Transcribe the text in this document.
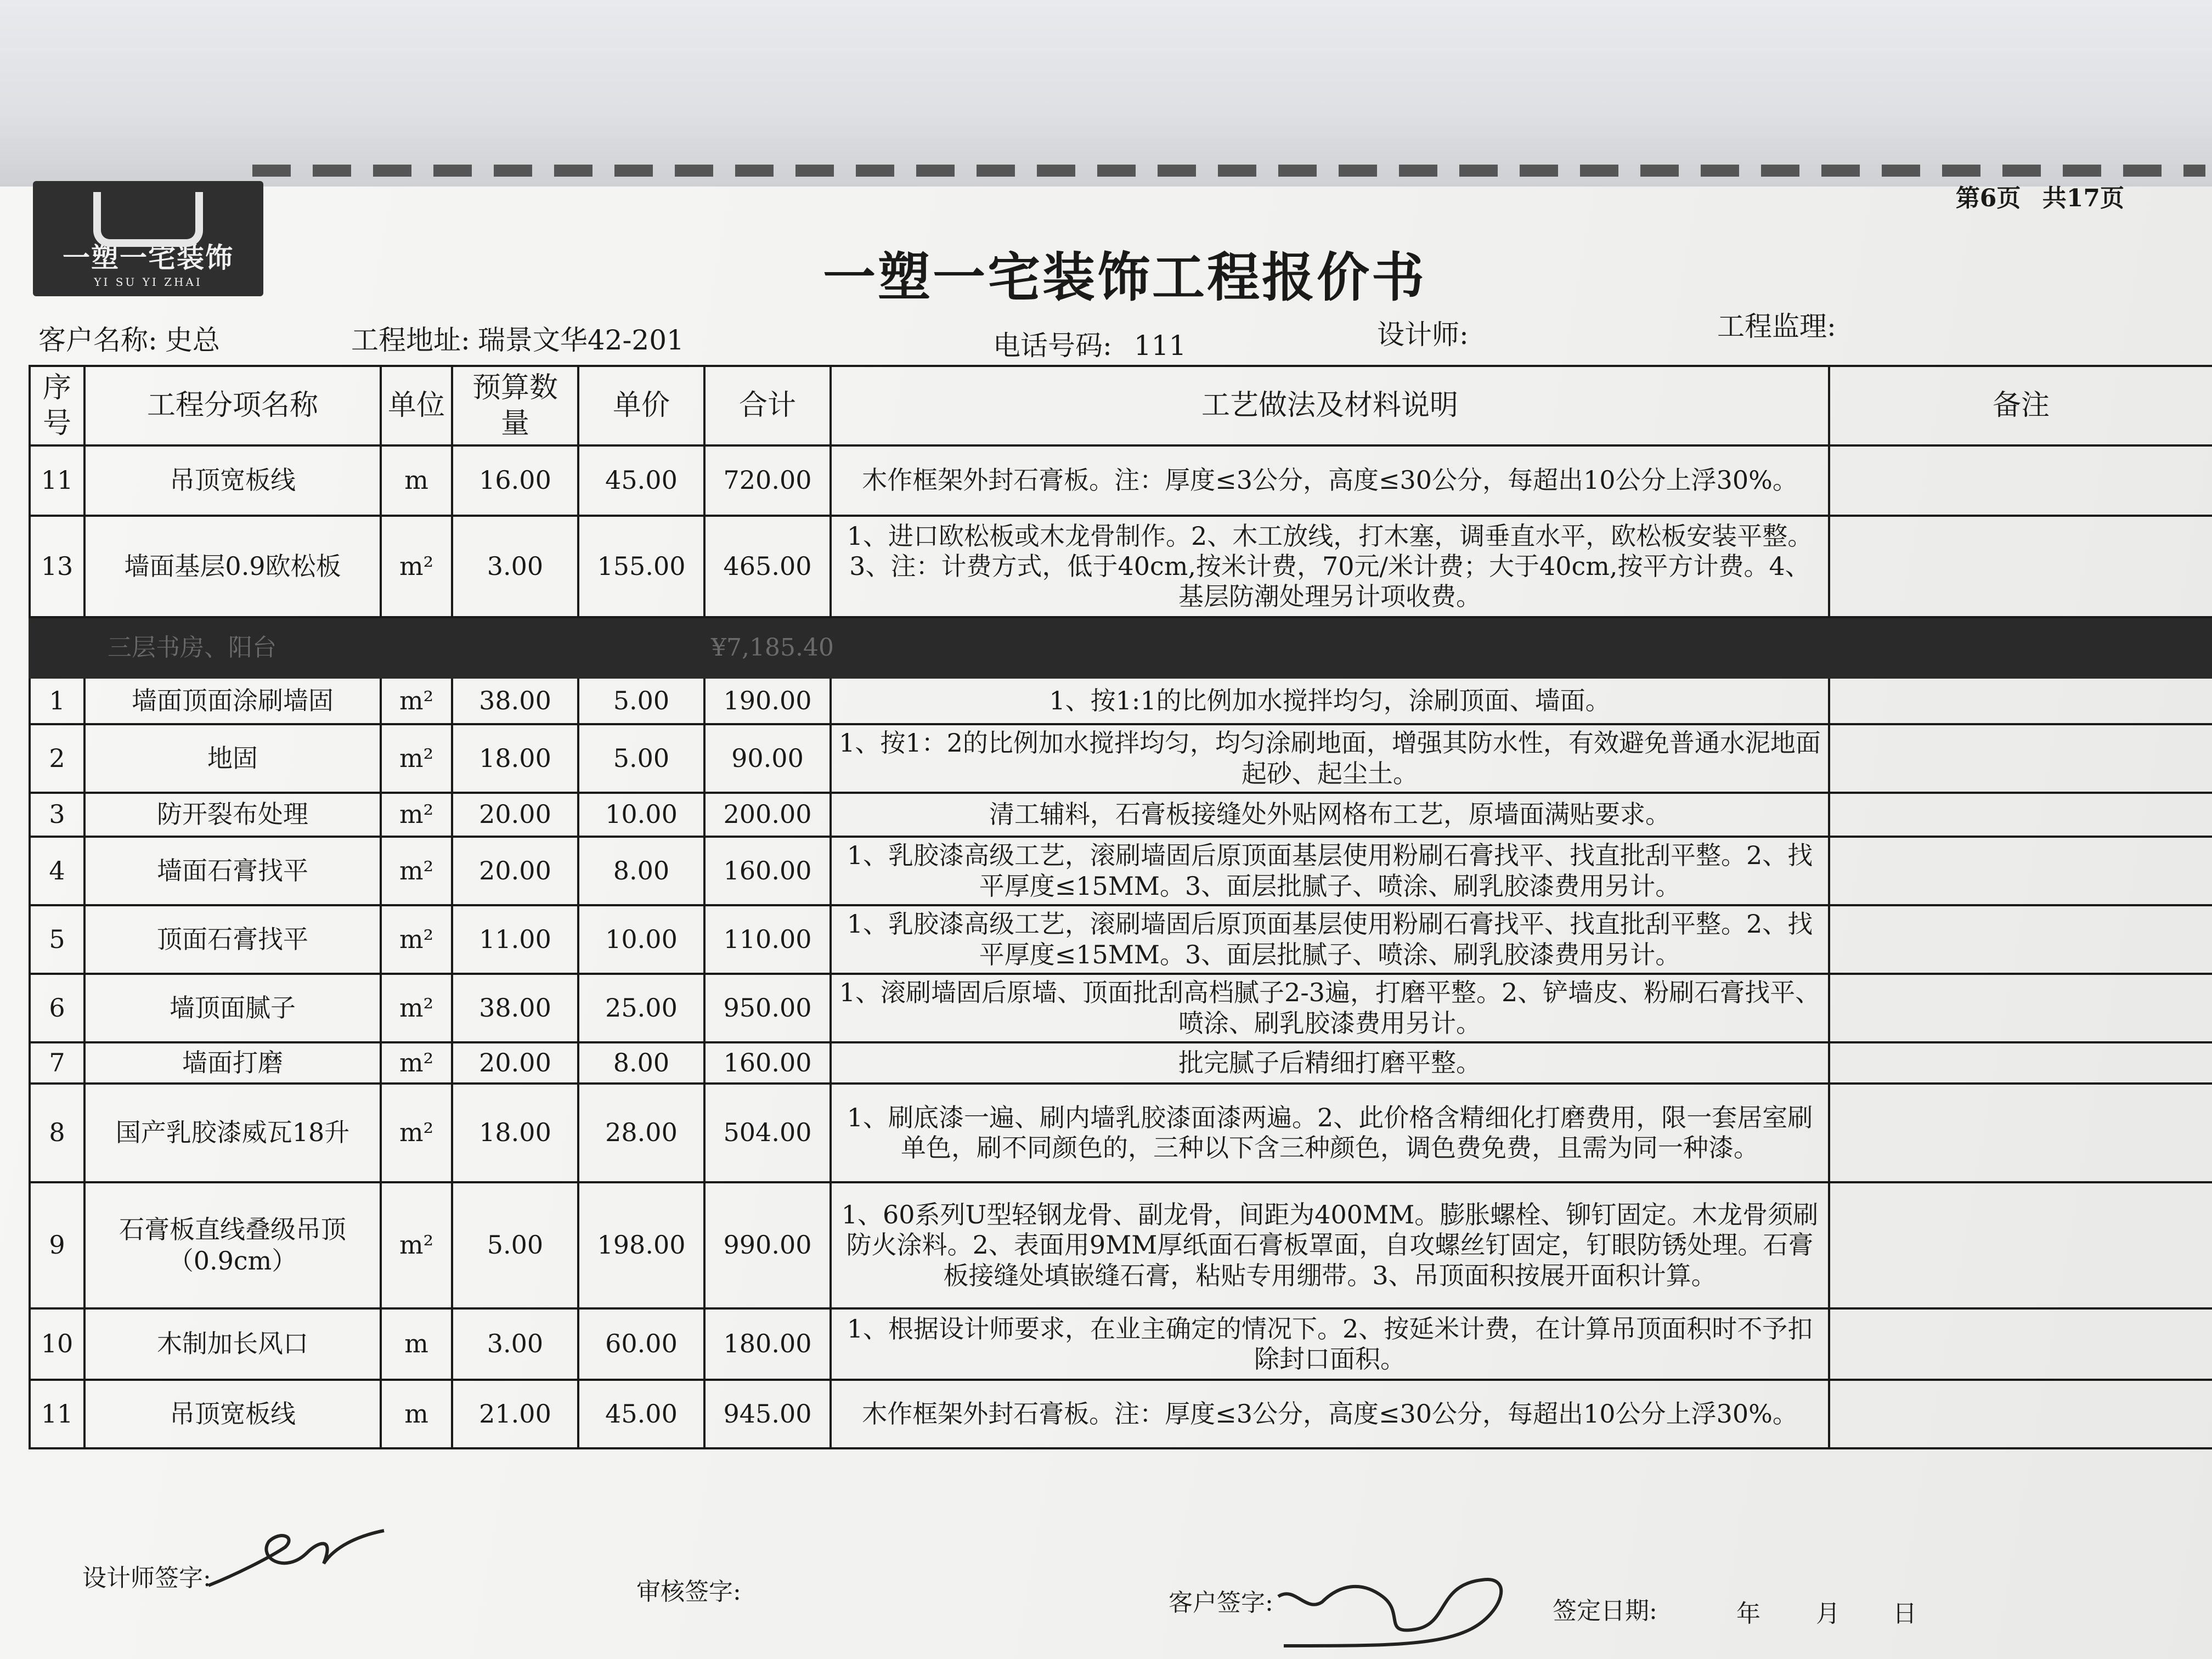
一塑一宅装饰
YI SU YI ZHAI
第6页 共17页
一塑一宅装饰工程报价书
客户名称: 史总	工程地址: 瑞景文华42-201	电话号码: 111	设计师:	工程监理:
序号	工程分项名称	单位	预算数量	单价	合计	工艺做法及材料说明	备注
11	吊顶宽板线	m	16.00	45.00	720.00	木作框架外封石膏板。注：厚度≤3公分，高度≤30公分，每超出10公分上浮30%。	
13	墙面基层0.9欧松板	m²	3.00	155.00	465.00	1、进口欧松板或木龙骨制作。2、木工放线，打木塞，调垂直水平，欧松板安装平整。3、注：计费方式，低于40cm,按米计费，70元/米计费；大于40cm,按平方计费。4、基层防潮处理另计项收费。	
三层书房、阳台					¥7,185.40		
1	墙面顶面涂刷墙固	m²	38.00	5.00	190.00	1、按1:1的比例加水搅拌均匀，涂刷顶面、墙面。	
2	地固	m²	18.00	5.00	90.00	1、按1：2的比例加水搅拌均匀，均匀涂刷地面，增强其防水性，有效避免普通水泥地面起砂、起尘土。	
3	防开裂布处理	m²	20.00	10.00	200.00	清工辅料，石膏板接缝处外贴网格布工艺，原墙面满贴要求。	
4	墙面石膏找平	m²	20.00	8.00	160.00	1、乳胶漆高级工艺，滚刷墙固后原顶面基层使用粉刷石膏找平、找直批刮平整。2、找平厚度≤15MM。3、面层批腻子、喷涂、刷乳胶漆费用另计。	
5	顶面石膏找平	m²	11.00	10.00	110.00	1、乳胶漆高级工艺，滚刷墙固后原顶面基层使用粉刷石膏找平、找直批刮平整。2、找平厚度≤15MM。3、面层批腻子、喷涂、刷乳胶漆费用另计。	
6	墙顶面腻子	m²	38.00	25.00	950.00	1、滚刷墙固后原墙、顶面批刮高档腻子2-3遍，打磨平整。2、铲墙皮、粉刷石膏找平、喷涂、刷乳胶漆费用另计。	
7	墙面打磨	m²	20.00	8.00	160.00	批完腻子后精细打磨平整。	
8	国产乳胶漆威瓦18升	m²	18.00	28.00	504.00	1、刷底漆一遍、刷内墙乳胶漆面漆两遍。2、此价格含精细化打磨费用，限一套居室刷单色，刷不同颜色的，三种以下含三种颜色，调色费免费，且需为同一种漆。	
9	石膏板直线叠级吊顶（0.9cm）	m²	5.00	198.00	990.00	1、60系列U型轻钢龙骨、副龙骨，间距为400MM。膨胀螺栓、铆钉固定。木龙骨须刷防火涂料。2、表面用9MM厚纸面石膏板罩面，自攻螺丝钉固定，钉眼防锈处理。石膏板接缝处填嵌缝石膏，粘贴专用绷带。3、吊顶面积按展开面积计算。	
10	木制加长风口	m	3.00	60.00	180.00	1、根据设计师要求，在业主确定的情况下。2、按延米计费，在计算吊顶面积时不予扣除封口面积。	
11	吊顶宽板线	m	21.00	45.00	945.00	木作框架外封石膏板。注：厚度≤3公分，高度≤30公分，每超出10公分上浮30%。	
设计师签字:	审核签字:	客户签字:	签定日期:	年 月 日
